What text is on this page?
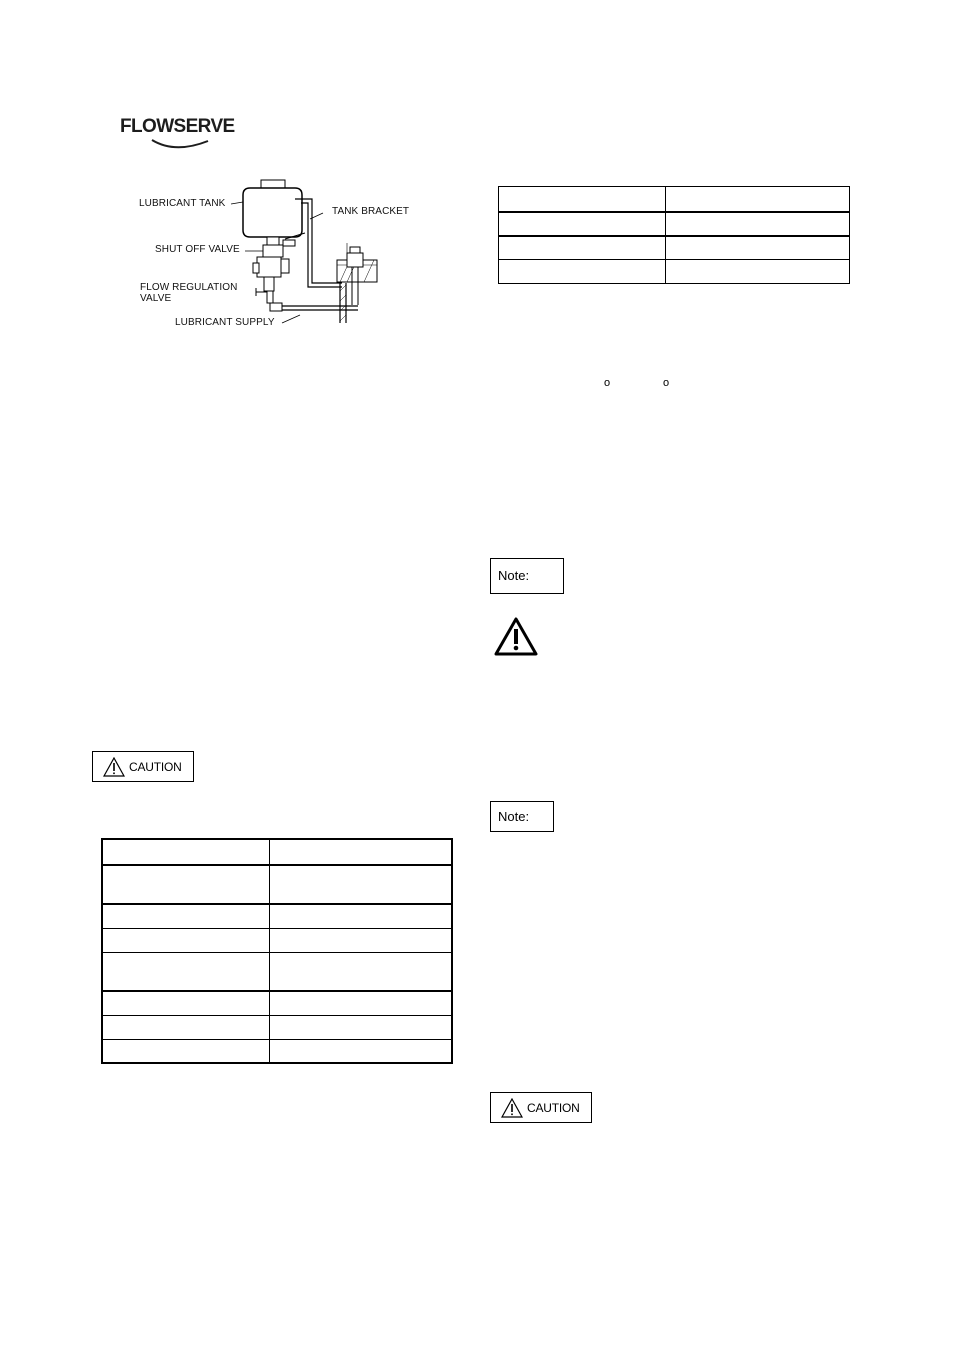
FLOWSERVE
LUBRICANT TANK
TANK BRACKET
SHUT OFF VALVE
FLOW REGULATION
VALVE
LUBRICANT SUPPLY

o	o
Note:
Note:
CAUTION
CAUTION
